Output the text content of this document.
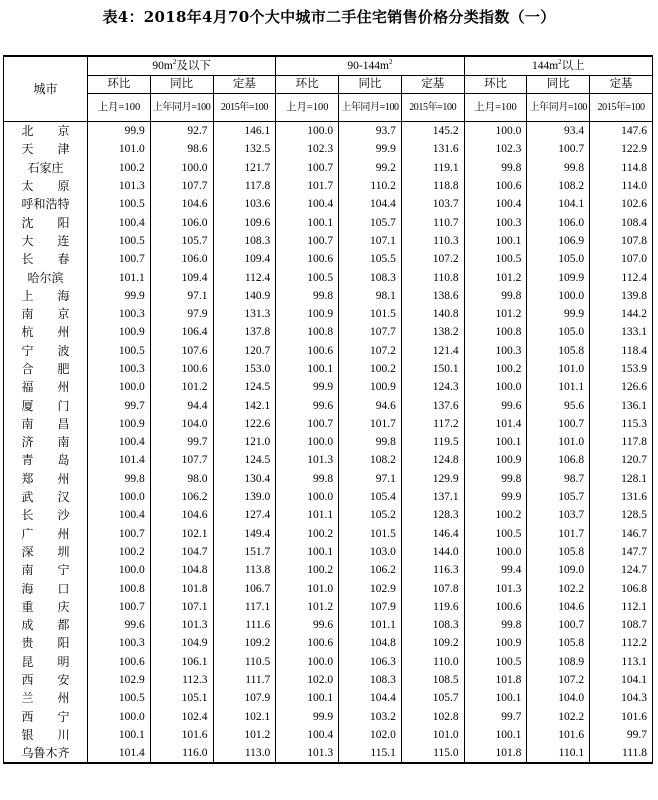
表4：2018年4月70个大中城市二手住宅销售价格分类指数（一）
城市	$90m^2$及以下			$90-144m^2$			$144m^2$以上		
	环比	同比	定基	环比	同比	定基	环比	同比	定基
	上月=100	上年同月=100	2015年=100	上月=100	上年同月=100	2015年=100	上月=100	上年同月=100	2015年=100
北　　京	99.9	92.7	146.1	100.0	93.7	145.2	100.0	93.4	147.6
天　　津	101.0	98.6	132.5	102.3	99.9	131.6	102.3	100.7	122.9
石家庄	100.2	100.0	121.7	100.7	99.2	119.1	99.8	99.8	114.8
太　　原	101.3	107.7	117.8	101.7	110.2	118.8	100.6	108.2	114.0
呼和浩特	100.5	104.6	103.6	100.4	104.4	103.7	100.4	104.1	102.6
沈　　阳	100.4	106.0	109.6	100.1	105.7	110.7	100.3	106.0	108.4
大　　连	100.5	105.7	108.3	100.7	107.1	110.3	100.1	106.9	107.8
长　　春	100.7	106.0	109.4	100.6	105.5	107.2	100.5	105.0	107.0
哈尔滨	101.1	109.4	112.4	100.5	108.3	110.8	101.2	109.9	112.4
上　　海	99.9	97.1	140.9	99.8	98.1	138.6	99.8	100.0	139.8
南　　京	100.3	97.9	131.3	100.9	101.5	140.8	101.2	99.9	144.2
杭　　州	100.9	106.4	137.8	100.8	107.7	138.2	100.8	105.0	133.1
宁　　波	100.5	107.6	120.7	100.6	107.2	121.4	100.3	105.8	118.4
合　　肥	100.3	100.6	153.0	100.1	100.2	150.1	100.2	101.0	153.9
福　　州	100.0	101.2	124.5	99.9	100.9	124.3	100.0	101.1	126.6
厦　　门	99.7	94.4	142.1	99.6	94.6	137.6	99.6	95.6	136.1
南　　昌	100.9	104.0	122.6	100.7	101.7	117.2	101.4	100.7	115.3
济　　南	100.4	99.7	121.0	100.0	99.8	119.5	100.1	101.0	117.8
青　　岛	101.4	107.7	124.5	101.3	108.2	124.8	100.9	106.8	120.7
郑　　州	99.8	98.0	130.4	99.8	97.1	129.9	99.8	98.7	128.1
武　　汉	100.0	106.2	139.0	100.0	105.4	137.1	99.9	105.7	131.6
长　　沙	100.4	104.6	127.4	101.1	105.2	128.3	100.2	103.7	128.5
广　　州	100.7	102.1	149.4	100.2	101.5	146.4	100.5	101.7	146.7
深　　圳	100.2	104.7	151.7	100.1	103.0	144.0	100.0	105.8	147.7
南　　宁	100.0	104.8	113.8	100.2	106.2	116.3	99.4	109.0	124.7
海　　口	100.8	101.8	106.7	101.0	102.9	107.8	101.3	102.2	106.8
重　　庆	100.7	107.1	117.1	101.2	107.9	119.6	100.6	104.6	112.1
成　　都	99.6	101.3	111.6	99.6	101.1	108.3	99.8	100.7	108.7
贵　　阳	100.3	104.9	109.2	100.6	104.8	109.2	100.9	105.8	112.2
昆　　明	100.6	106.1	110.5	100.0	106.3	110.0	100.5	108.9	113.1
西　　安	102.9	112.3	111.7	102.0	108.3	108.5	101.8	107.2	104.1
兰　　州	100.5	105.1	107.9	100.1	104.4	105.7	100.1	104.0	104.3
西　　宁	100.0	102.4	102.1	99.9	103.2	102.8	99.7	102.2	101.6
银　　川	100.1	101.6	101.2	100.4	102.0	101.0	100.1	101.6	99.7
乌鲁木齐	101.4	116.0	113.0	101.3	115.1	115.0	101.8	110.1	111.8
